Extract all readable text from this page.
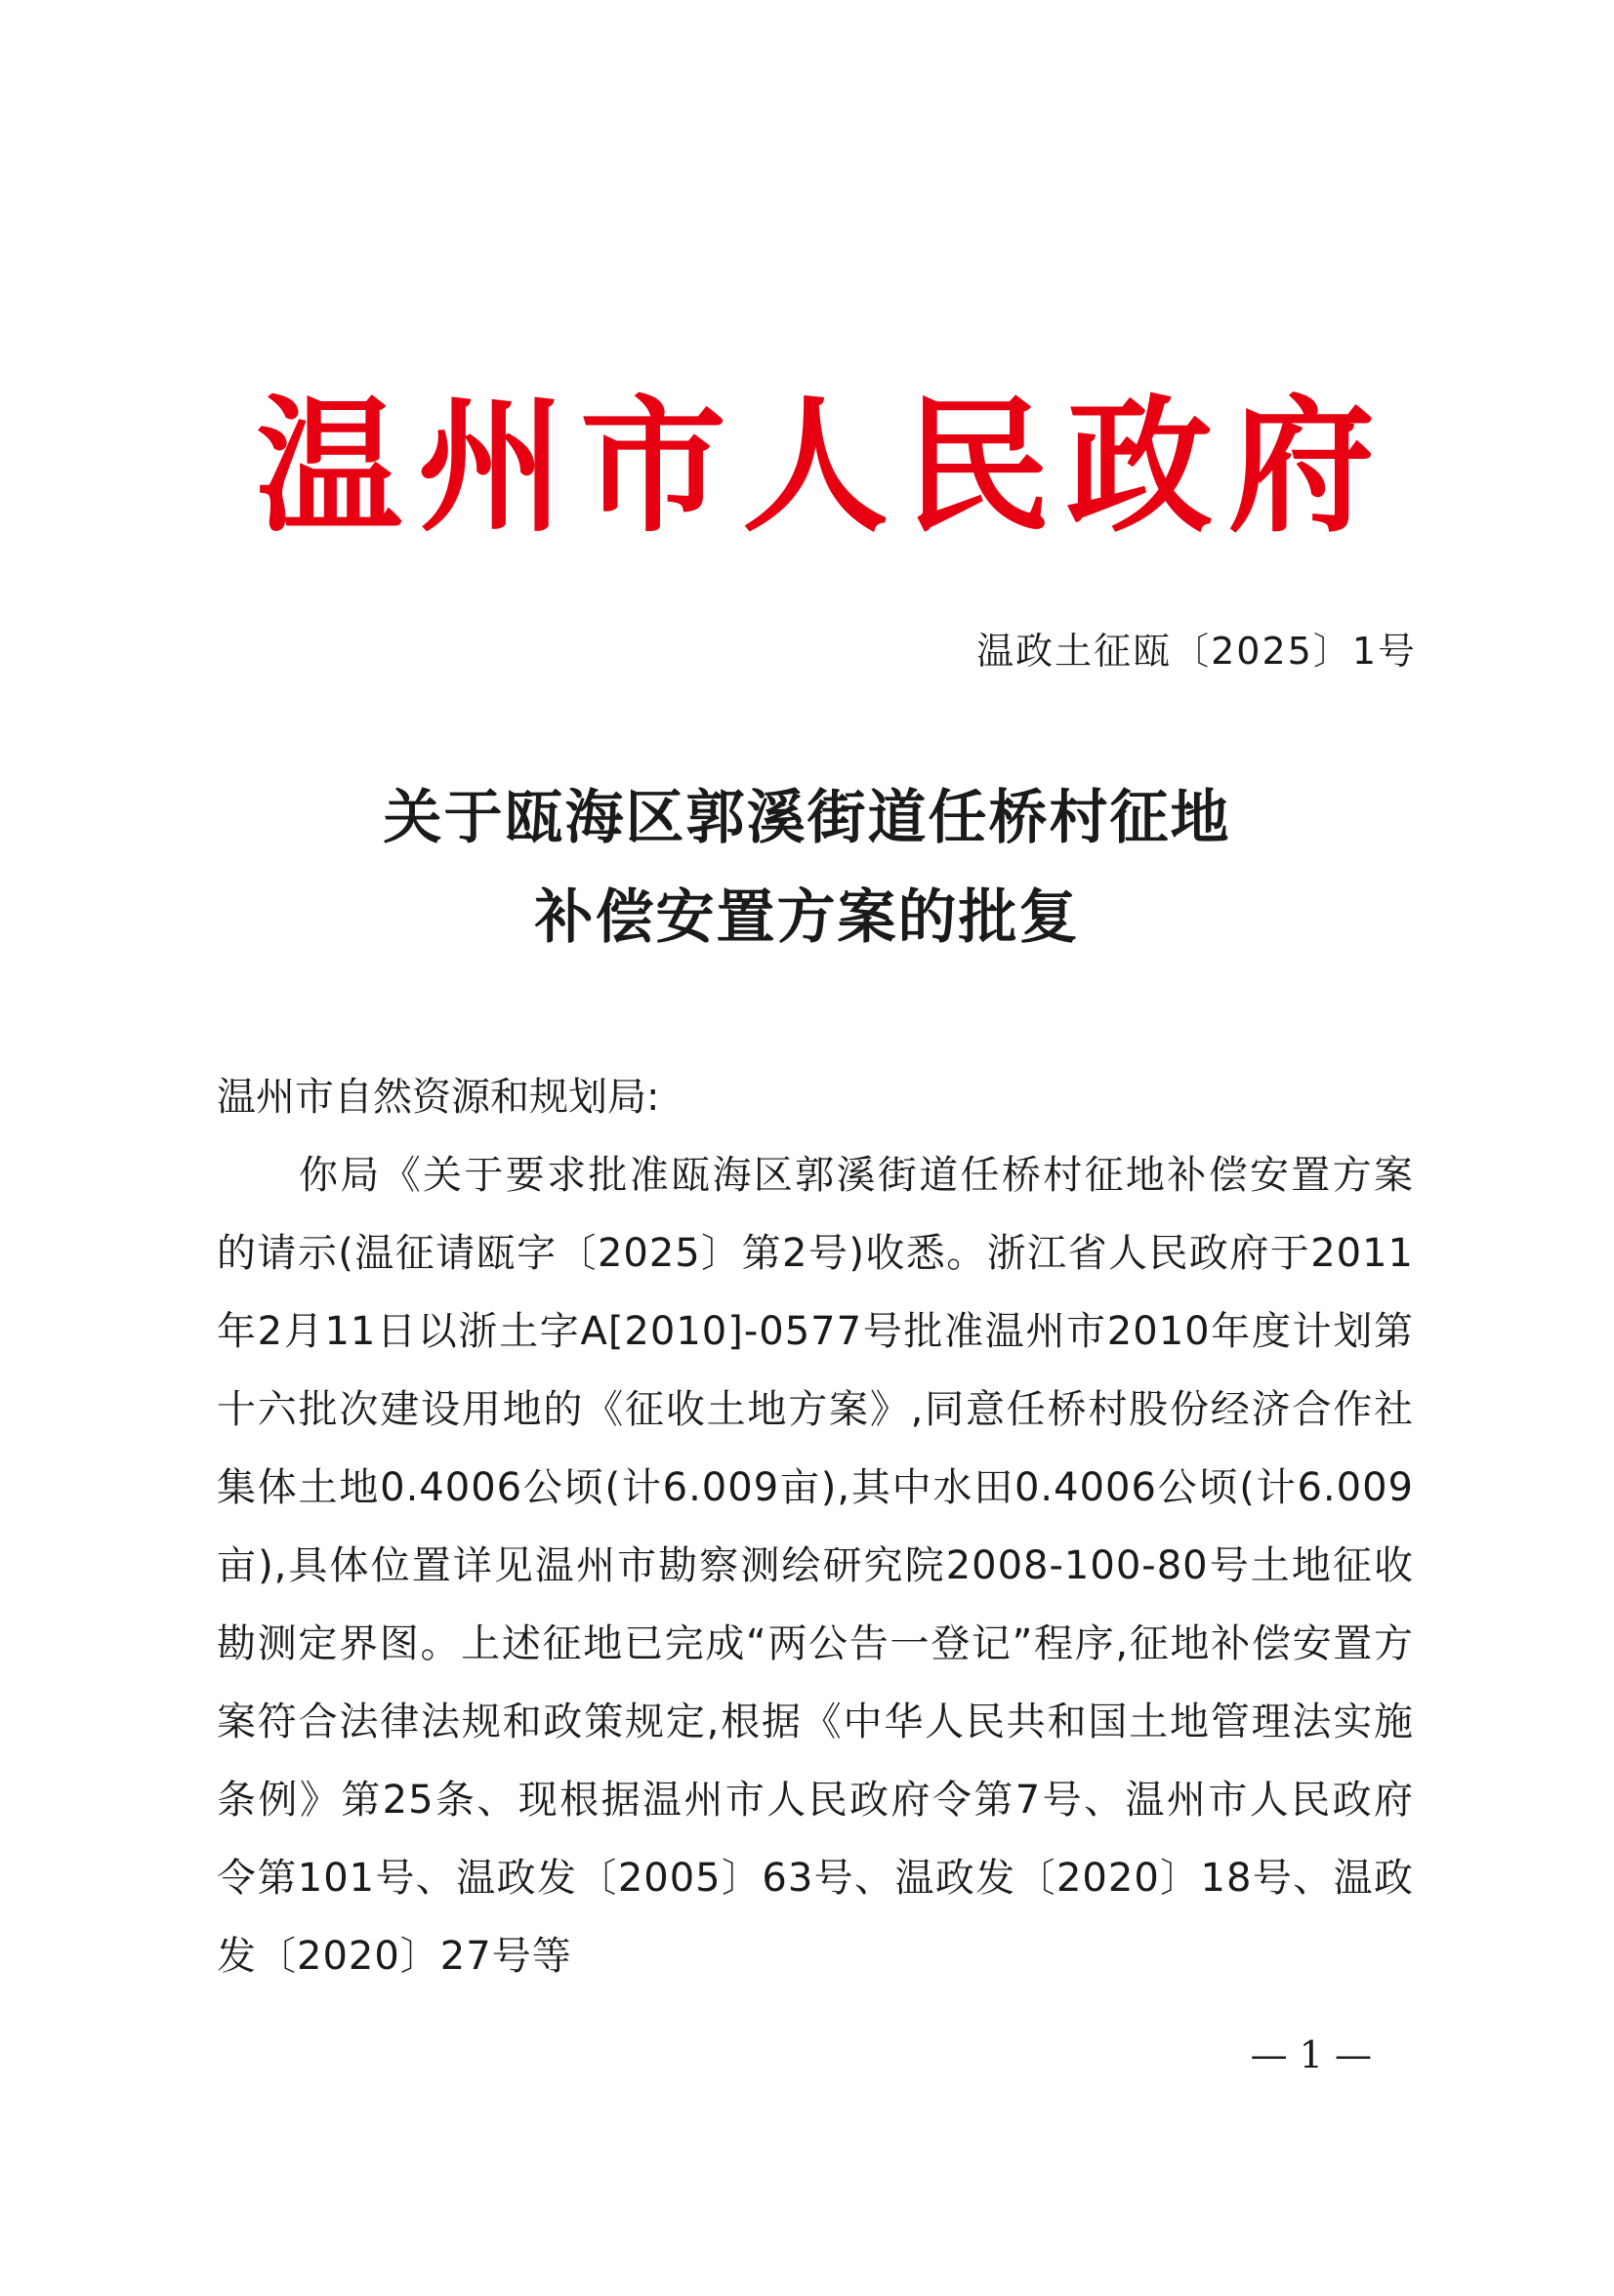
温州市人民政府
温政土征瓯〔2025〕1号
关于瓯海区郭溪街道任桥村征地
补偿安置方案的批复
温州市自然资源和规划局:
你局《关于要求批准瓯海区郭溪街道任桥村征地补偿安置方案的请示(温征请瓯字〔2025〕第2号)收悉。浙江省人民政府于2011年2月11日以浙土字A[2010]-0577号批准温州市2010年度计划第十六批次建设用地的《征收土地方案》,同意任桥村股份经济合作社集体土地0.4006公顷(计6.009亩),其中水田0.4006公顷(计6.009亩),具体位置详见温州市勘察测绘研究院2008-100-80号土地征收勘测定界图。上述征地已完成“两公告一登记”程序,征地补偿安置方案符合法律法规和政策规定,根据《中华人民共和国土地管理法实施条例》第25条、现根据温州市人民政府令第7号、温州市人民政府令第101号、温政发〔2005〕63号、温政发〔2020〕18号、温政发〔2020〕27号等
— 1 —
